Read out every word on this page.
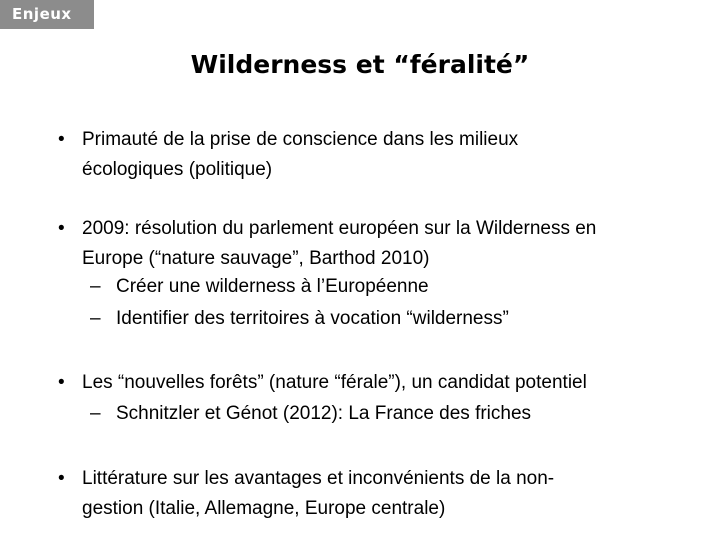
Enjeux
Wilderness et “féralité”
• Primauté de la prise de conscience dans les milieux
écologiques (politique)
• 2009: résolution du parlement européen sur la Wilderness en
Europe (“nature sauvage”, Barthod 2010)
– Créer une wilderness à l’Européenne
– Identifier des territoires à vocation “wilderness”
• Les “nouvelles forêts” (nature “férale”), un candidat potentiel
– Schnitzler et Génot (2012): La France des friches
• Littérature sur les avantages et inconvénients de la non-
gestion (Italie, Allemagne, Europe centrale)
